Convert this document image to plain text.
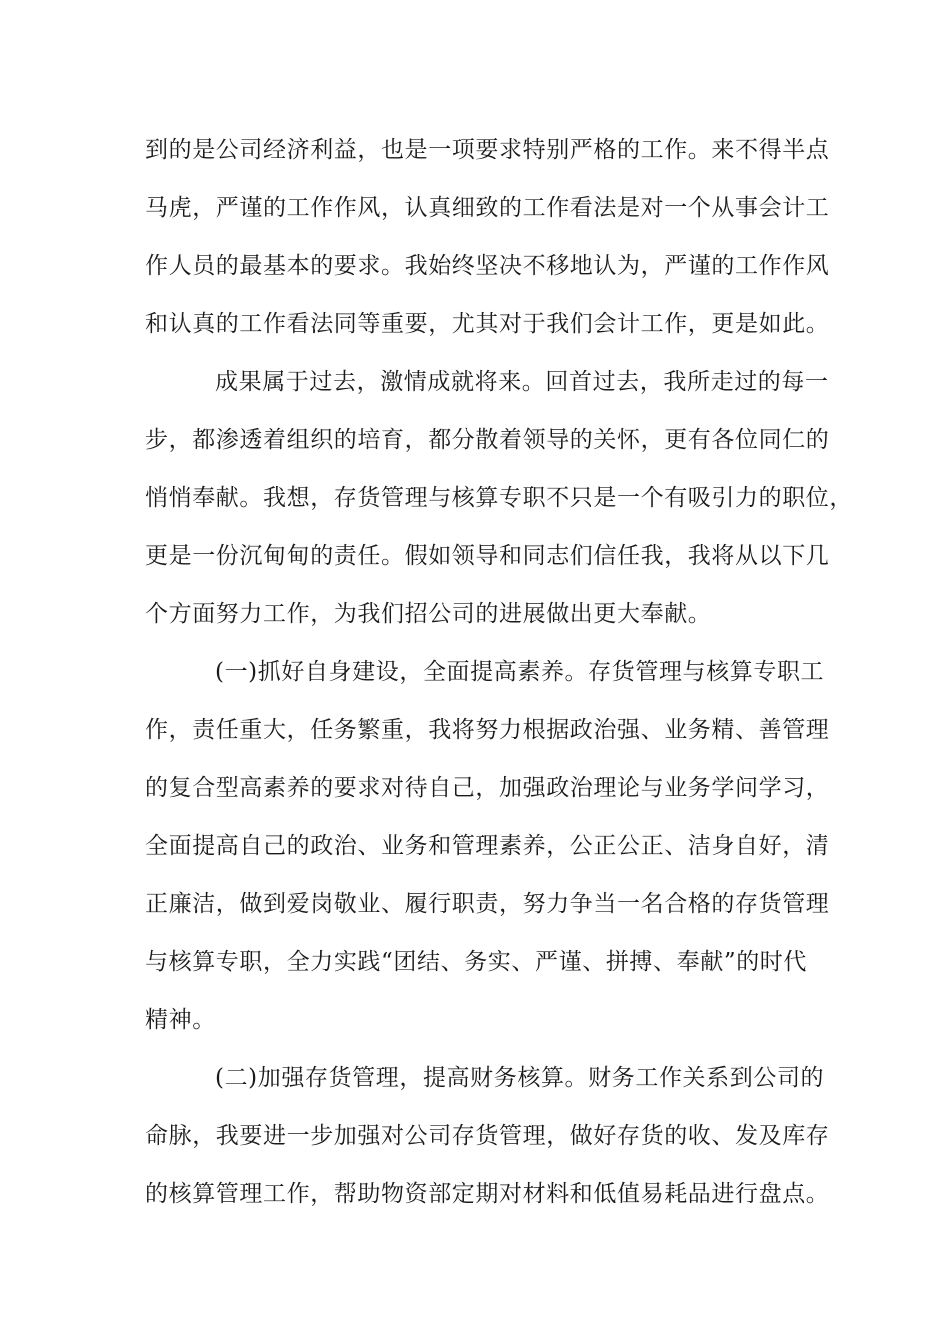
到的是公司经济利益，也是一项要求特别严格的工作。来不得半点
马虎，严谨的工作作风，认真细致的工作看法是对一个从事会计工
作人员的最基本的要求。我始终坚决不移地认为，严谨的工作作风
和认真的工作看法同等重要，尤其对于我们会计工作，更是如此。
成果属于过去，激情成就将来。回首过去，我所走过的每一
步，都渗透着组织的培育，都分散着领导的关怀，更有各位同仁的
悄悄奉献。我想，存货管理与核算专职不只是一个有吸引力的职位，
更是一份沉甸甸的责任。假如领导和同志们信任我，我将从以下几
个方面努力工作，为我们招公司的进展做出更大奉献。
(一)抓好自身建设，全面提高素养。存货管理与核算专职工
作，责任重大，任务繁重，我将努力根据政治强、业务精、善管理
的复合型高素养的要求对待自己，加强政治理论与业务学问学习，
全面提高自己的政治、业务和管理素养，公正公正、洁身自好，清
正廉洁，做到爱岗敬业、履行职责，努力争当一名合格的存货管理
与核算专职，全力实践“团结、务实、严谨、拼搏、奉献”的时代
精神。
(二)加强存货管理，提高财务核算。财务工作关系到公司的
命脉，我要进一步加强对公司存货管理，做好存货的收、发及库存
的核算管理工作，帮助物资部定期对材料和低值易耗品进行盘点。
